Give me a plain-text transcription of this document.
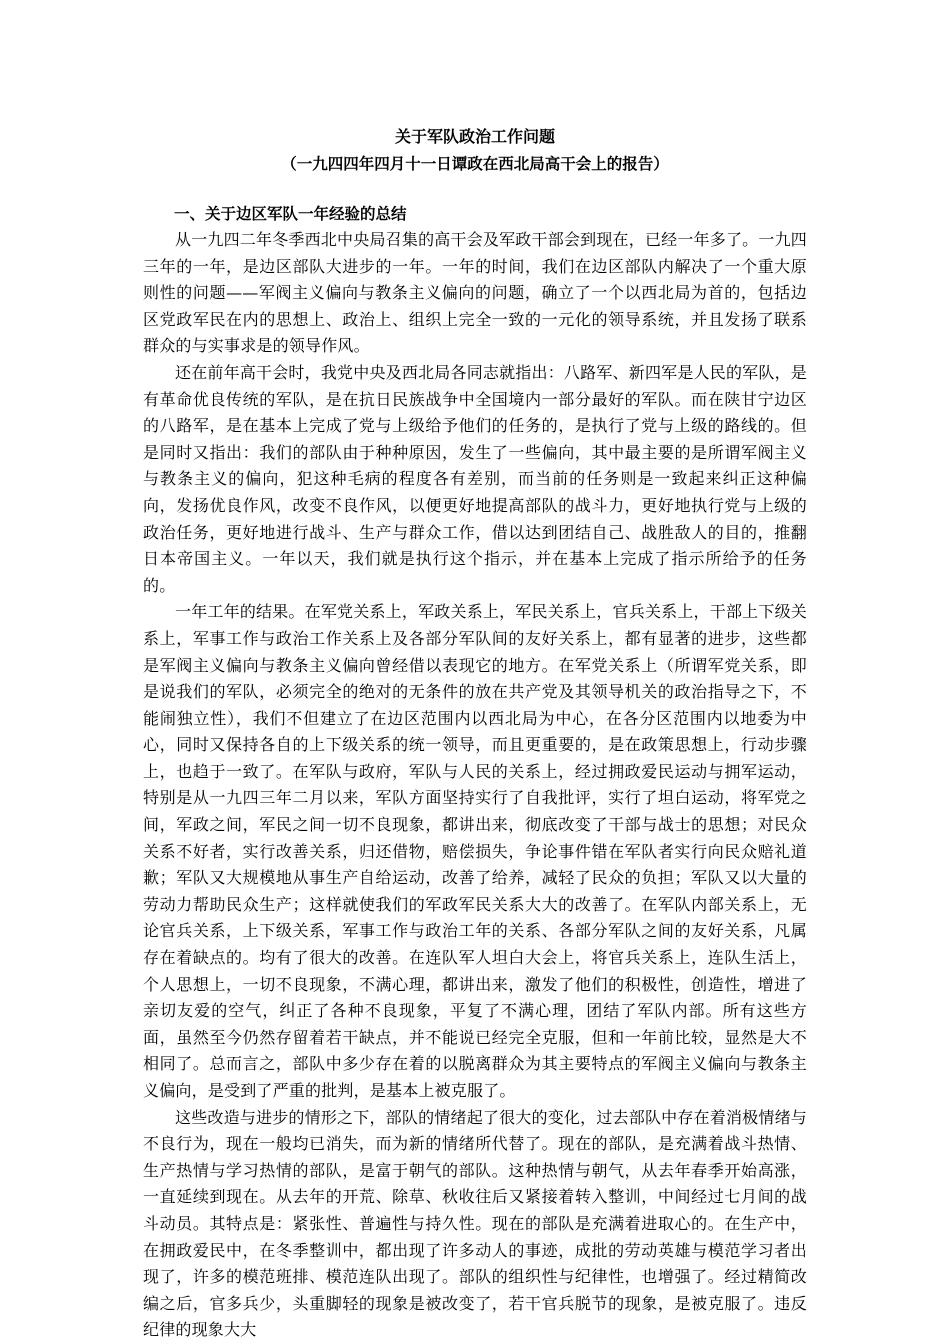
关于军队政治工作问题
（一九四四年四月十一日谭政在西北局高干会上的报告）
一、关于边区军队一年经验的总结

从一九四二年冬季西北中央局召集的高干会及军政干部会到现在，已经一年多了。一九四三年的一年，是边区部队大进步的一年。一年的时间，我们在边区部队内解决了一个重大原则性的问题——军阀主义偏向与教条主义偏向的问题，确立了一个以西北局为首的，包括边区党政军民在内的思想上、政治上、组织上完全一致的一元化的领导系统，并且发扬了联系群众的与实事求是的领导作风。

还在前年高干会时，我党中央及西北局各同志就指出：八路军、新四军是人民的军队，是有革命优良传统的军队，是在抗日民族战争中全国境内一部分最好的军队。而在陕甘宁边区的八路军，是在基本上完成了党与上级给予他们的任务的，是执行了党与上级的路线的。但是同时又指出：我们的部队由于种种原因，发生了一些偏向，其中最主要的是所谓军阀主义与教条主义的偏向，犯这种毛病的程度各有差别，而当前的任务则是一致起来纠正这种偏向，发扬优良作风，改变不良作风，以便更好地提高部队的战斗力，更好地执行党与上级的政治任务，更好地进行战斗、生产与群众工作，借以达到团结自己、战胜敌人的目的，推翻日本帝国主义。一年以天，我们就是执行这个指示，并在基本上完成了指示所给予的任务的。

一年工年的结果。在军党关系上，军政关系上，军民关系上，官兵关系上，干部上下级关系上，军事工作与政治工作关系上及各部分军队间的友好关系上，都有显著的进步，这些都是军阀主义偏向与教条主义偏向曾经借以表现它的地方。在军党关系上（所谓军党关系，即是说我们的军队，必须完全的绝对的无条件的放在共产党及其领导机关的政治指导之下，不能闹独立性），我们不但建立了在边区范围内以西北局为中心，在各分区范围内以地委为中心，同时又保持各自的上下级关系的统一领导，而且更重要的，是在政策思想上，行动步骤上，也趋于一致了。在军队与政府，军队与人民的关系上，经过拥政爱民运动与拥军运动，特别是从一九四三年二月以来，军队方面坚持实行了自我批评，实行了坦白运动，将军党之间，军政之间，军民之间一切不良现象，都讲出来，彻底改变了干部与战士的思想；对民众关系不好者，实行改善关系，归还借物，赔偿损失，争论事件错在军队者实行向民众赔礼道歉；军队又大规模地从事生产自给运动，改善了给养，减轻了民众的负担；军队又以大量的劳动力帮助民众生产；这样就使我们的军政军民关系大大的改善了。在军队内部关系上，无论官兵关系，上下级关系，军事工作与政治工年的关系、各部分军队之间的友好关系，凡属存在着缺点的。均有了很大的改善。在连队军人坦白大会上，将官兵关系上，连队生活上，个人思想上，一切不良现象，不满心理，都讲出来，激发了他们的积极性，创造性，增进了亲切友爱的空气，纠正了各种不良现象，平复了不满心理，团结了军队内部。所有这些方面，虽然至今仍然存留着若干缺点，并不能说已经完全克服，但和一年前比较，显然是大不相同了。总而言之，部队中多少存在着的以脱离群众为其主要特点的军阀主义偏向与教条主义偏向，是受到了严重的批判，是基本上被克服了。

这些改造与进步的情形之下，部队的情绪起了很大的变化，过去部队中存在着消极情绪与不良行为，现在一般均已消失，而为新的情绪所代替了。现在的部队，是充满着战斗热情、生产热情与学习热情的部队，是富于朝气的部队。这种热情与朝气，从去年春季开始高涨，一直延续到现在。从去年的开荒、除草、秋收往后又紧接着转入整训，中间经过七月间的战斗动员。其特点是：紧张性、普遍性与持久性。现在的部队是充满着进取心的。在生产中，在拥政爱民中，在冬季整训中，都出现了许多动人的事迹，成批的劳动英雄与模范学习者出现了，许多的模范班排、模范连队出现了。部队的组织性与纪律性，也增强了。经过精简改编之后，官多兵少，头重脚轻的现象是被改变了，若干官兵脱节的现象，是被克服了。违反纪律的现象大大
